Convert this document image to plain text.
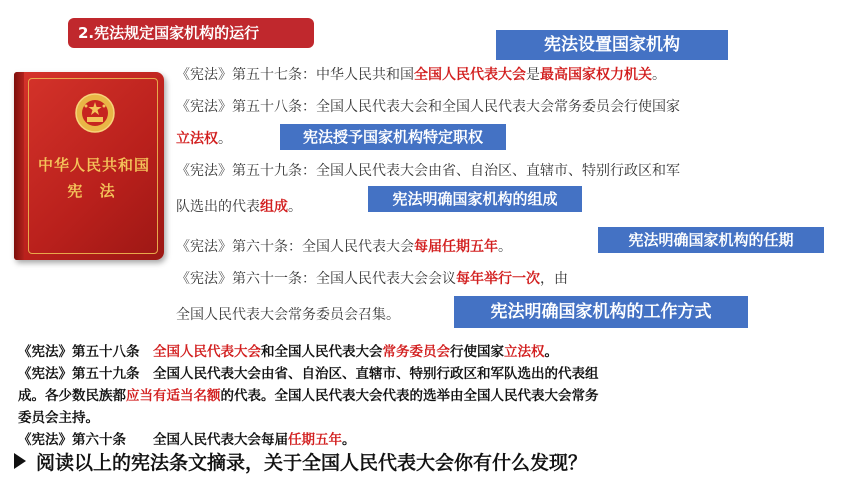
2.宪法规定国家机构的运行
中华人民共和国
宪 法
宪法设置国家机构
《宪法》第五十七条：中华人民共和国全国人民代表大会是最高国家权力机关。
《宪法》第五十八条：全国人民代表大会和全国人民代表大会常务委员会行使国家
立法权。	宪法授予国家机构特定职权
《宪法》第五十九条：全国人民代表大会由省、自治区、直辖市、特别行政区和军
队选出的代表组成。	宪法明确国家机构的组成
《宪法》第六十条：全国人民代表大会每届任期五年。	宪法明确国家机构的任期
《宪法》第六十一条：全国人民代表大会会议每年举行一次，由
全国人民代表大会常务委员会召集。	宪法明确国家机构的工作方式
《宪法》第五十八条　全国人民代表大会和全国人民代表大会常务委员会行使国家立法权。
《宪法》第五十九条　全国人民代表大会由省、自治区、直辖市、特别行政区和军队选出的代表组
成。各少数民族都应当有适当名额的代表。全国人民代表大会代表的选举由全国人民代表大会常务
委员会主持。
《宪法》第六十条　　全国人民代表大会每届任期五年。
阅读以上的宪法条文摘录，关于全国人民代表大会你有什么发现？
